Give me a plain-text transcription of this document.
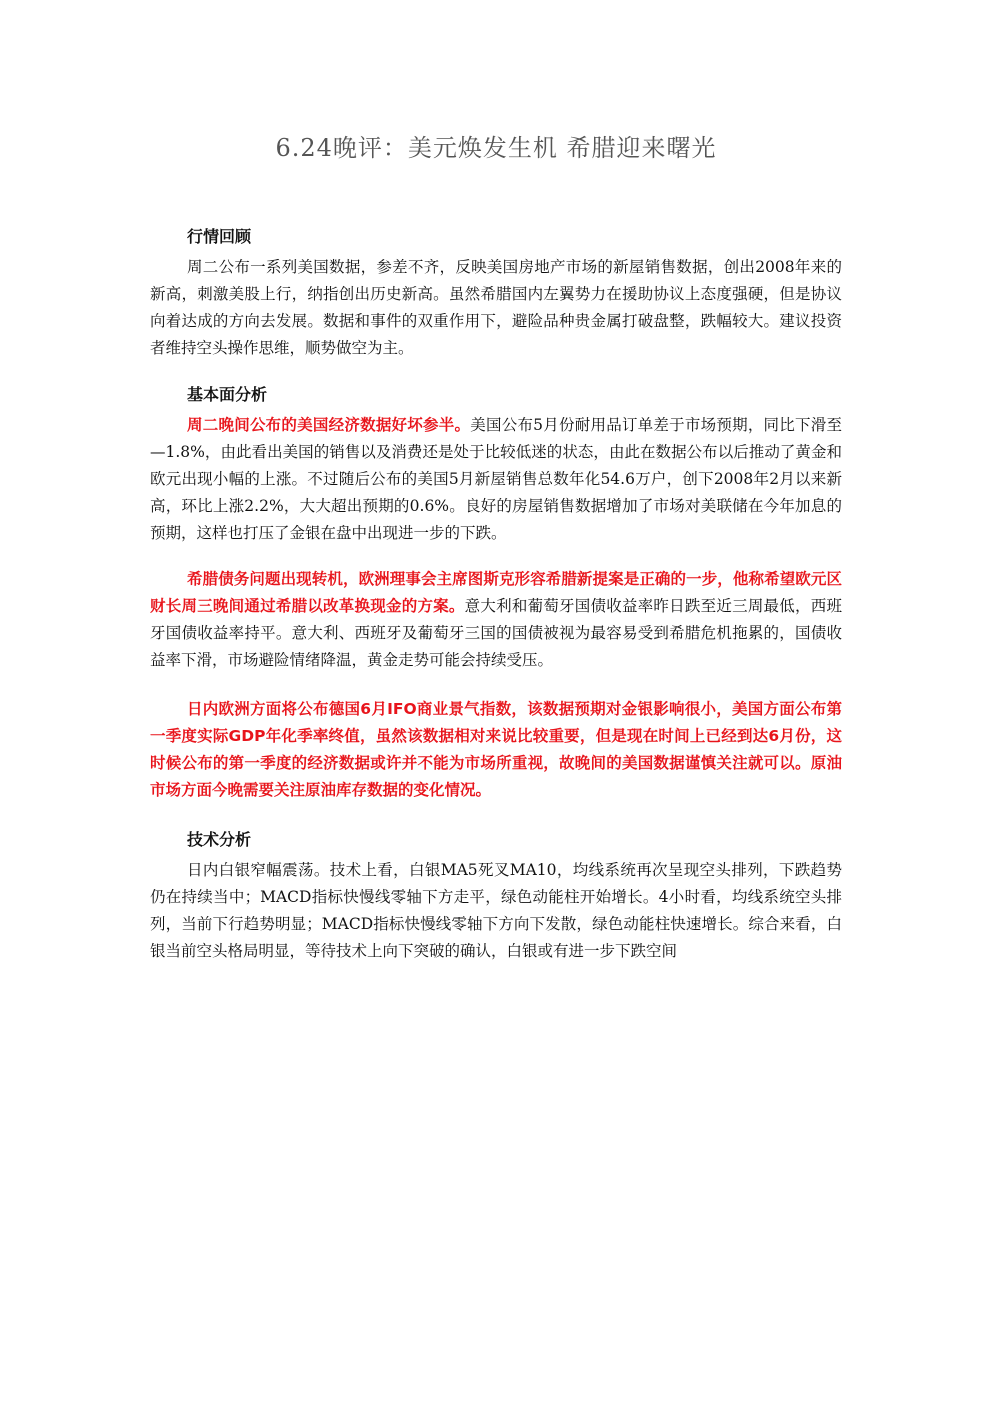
6.24晚评：美元焕发生机 希腊迎来曙光
行情回顾

周二公布一系列美国数据，参差不齐，反映美国房地产市场的新屋销售数据，创出2008年来的新高，刺激美股上行，纳指创出历史新高。虽然希腊国内左翼势力在援助协议上态度强硬，但是协议向着达成的方向去发展。数据和事件的双重作用下，避险品种贵金属打破盘整，跌幅较大。建议投资者维持空头操作思维，顺势做空为主。

基本面分析

周二晚间公布的美国经济数据好坏参半。美国公布5月份耐用品订单差于市场预期，同比下滑至—1.8%，由此看出美国的销售以及消费还是处于比较低迷的状态，由此在数据公布以后推动了黄金和欧元出现小幅的上涨。不过随后公布的美国5月新屋销售总数年化54.6万户，创下2008年2月以来新高，环比上涨2.2%，大大超出预期的0.6%。良好的房屋销售数据增加了市场对美联储在今年加息的预期，这样也打压了金银在盘中出现进一步的下跌。

希腊债务问题出现转机，欧洲理事会主席图斯克形容希腊新提案是正确的一步，他称希望欧元区财长周三晚间通过希腊以改革换现金的方案。意大利和葡萄牙国债收益率昨日跌至近三周最低，西班牙国债收益率持平。意大利、西班牙及葡萄牙三国的国债被视为最容易受到希腊危机拖累的，国债收益率下滑，市场避险情绪降温，黄金走势可能会持续受压。

日内欧洲方面将公布德国6月IFO商业景气指数，该数据预期对金银影响很小，美国方面公布第一季度实际GDP年化季率终值，虽然该数据相对来说比较重要，但是现在时间上已经到达6月份，这时候公布的第一季度的经济数据或许并不能为市场所重视，故晚间的美国数据谨慎关注就可以。原油市场方面今晚需要关注原油库存数据的变化情况。

技术分析

日内白银窄幅震荡。技术上看，白银MA5死叉MA10，均线系统再次呈现空头排列，下跌趋势仍在持续当中；MACD指标快慢线零轴下方走平，绿色动能柱开始增长。4小时看，均线系统空头排列，当前下行趋势明显；MACD指标快慢线零轴下方向下发散，绿色动能柱快速增长。综合来看，白银当前空头格局明显，等待技术上向下突破的确认，白银或有进一步下跌空间
